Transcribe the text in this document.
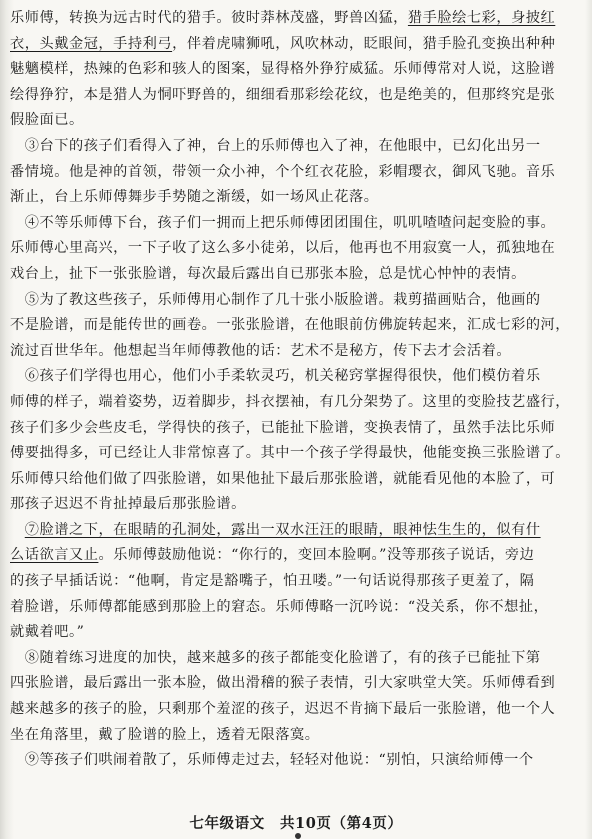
乐师傅，转换为远古时代的猎手。彼时莽林茂盛，野兽凶猛，猎手脸绘七彩，身披红
衣，头戴金冠，手持利弓，伴着虎啸狮吼，风吹林动，眨眼间，猎手脸孔变换出种种
魅魑模样，热辣的色彩和骇人的图案，显得格外狰狞威猛。乐师傅常对人说，这脸谱
绘得狰狞，本是猎人为恫吓野兽的，细细看那彩绘花纹，也是绝美的，但那终究是张
假脸面已。
　③台下的孩子们看得入了神，台上的乐师傅也入了神，在他眼中，已幻化出另一
番情境。他是神的首领，带领一众小神，个个红衣花脸，彩帽璎衣，御风飞驰。音乐
渐止，台上乐师傅舞步手势随之渐缓，如一场风止花落。
　④不等乐师傅下台，孩子们一拥而上把乐师傅团团围住，叽叽喳喳问起变脸的事。
乐师傅心里高兴，一下子收了这么多小徒弟，以后，他再也不用寂寞一人，孤独地在
戏台上，扯下一张张脸谱，每次最后露出自已那张本脸，总是忧心忡忡的表情。
　⑤为了教这些孩子，乐师傅用心制作了几十张小版脸谱。栽剪描画贴合，他画的
不是脸谱，而是能传世的画卷。一张张脸谱，在他眼前仿佛旋转起来，汇成七彩的河，
流过百世华年。他想起当年师傅教他的话：艺术不是秘方，传下去才会活着。
　⑥孩子们学得也用心，他们小手柔软灵巧，机关秘窍掌握得很快，他们模仿着乐
师傅的样子，端着姿势，迈着脚步，抖衣摆袖，有几分架势了。这里的变脸技艺盛行，
孩子们多少会些皮毛，学得快的孩子，已能扯下脸谱，变换表情了，虽然手法比乐师
傅要拙得多，可已经让人非常惊喜了。其中一个孩子学得最快，他能变换三张脸谱了。
乐师傅只给他们做了四张脸谱，如果他扯下最后那张脸谱，就能看见他的本脸了，可
那孩子迟迟不肯扯掉最后那张脸谱。
　⑦脸谱之下，在眼睛的孔洞处，露出一双水汪汪的眼睛，眼神怯生生的，似有什
么话欲言又止。乐师傅鼓励他说：“你行的，变回本脸啊。”没等那孩子说话，旁边
的孩子早插话说：“他啊，肯定是豁嘴子，怕丑喽。”一句话说得那孩子更羞了，隔
着脸谱，乐师傅都能感到那脸上的窘态。乐师傅略一沉吟说：“没关系，你不想扯，
就戴着吧。”
　⑧随着练习进度的加快，越来越多的孩子都能变化脸谱了，有的孩子已能扯下第
四张脸谱，最后露出一张本脸，做出滑稽的猴子表情，引大家哄堂大笑。乐师傅看到
越来越多的孩子的脸，只剩那个羞涩的孩子，迟迟不肯摘下最后一张脸谱，他一个人
坐在角落里，戴了脸谱的脸上，透着无限落寞。
　⑨等孩子们哄闹着散了，乐师傅走过去，轻轻对他说：“别怕，只演给师傅一个
七年级语文　共10页（第4页）
